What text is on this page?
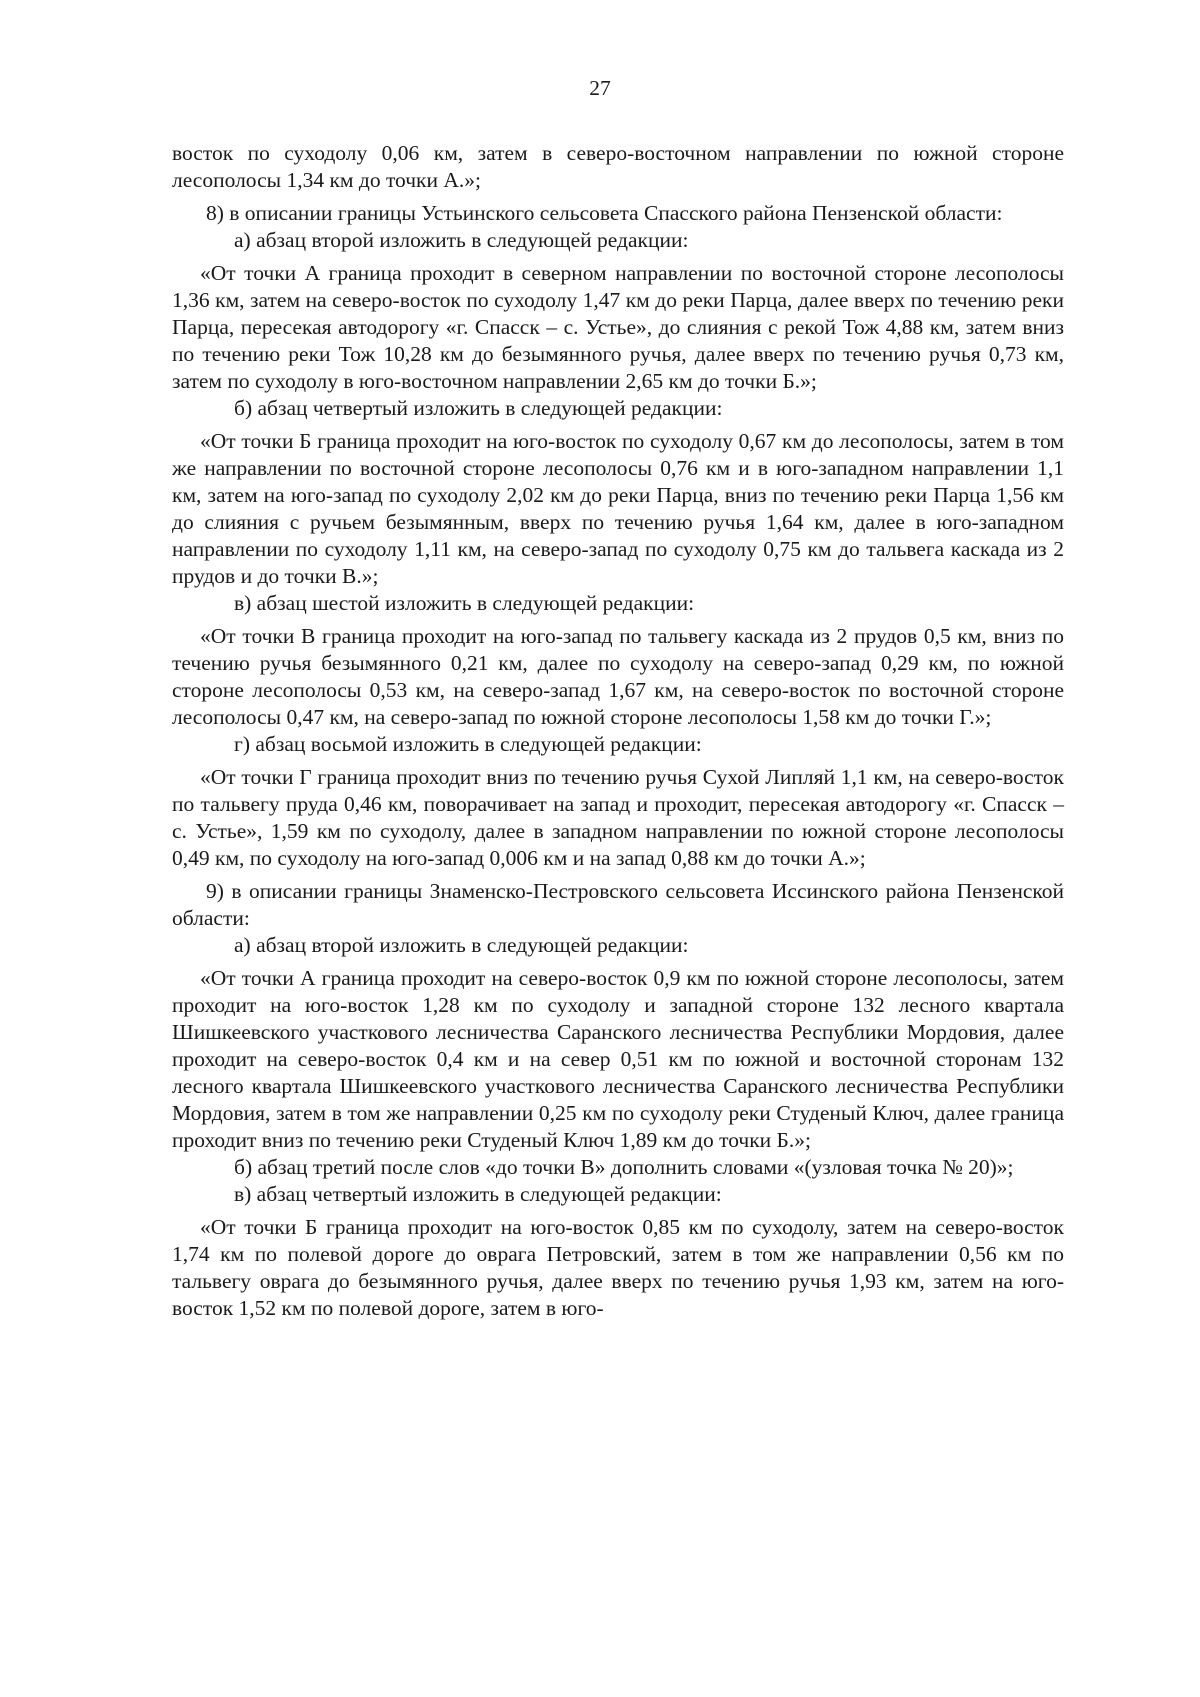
27

восток по суходолу 0,06 км, затем в северо-восточном направлении по южной стороне лесополосы 1,34 км до точки А.»;

8) в описании границы Устьинского сельсовета Спасского района Пензенской области:

а) абзац второй изложить в следующей редакции:

«От точки А граница проходит в северном направлении по восточной стороне лесополосы 1,36 км, затем на северо-восток по суходолу 1,47 км до реки Парца, далее вверх по течению реки Парца, пересекая автодорогу «г. Спасск – с. Устье», до слияния с рекой Тож 4,88 км, затем вниз по течению реки Тож 10,28 км до безымянного ручья, далее вверх по течению ручья 0,73 км, затем по суходолу в юго-восточном направлении 2,65 км до точки Б.»;

б) абзац четвертый изложить в следующей редакции:

«От точки Б граница проходит на юго-восток по суходолу 0,67 км до лесополосы, затем в том же направлении по восточной стороне лесополосы 0,76 км и в юго-западном направлении 1,1 км, затем на юго-запад по суходолу 2,02 км до реки Парца, вниз по течению реки Парца 1,56 км до слияния с ручьем безымянным, вверх по течению ручья 1,64 км, далее в юго-западном направлении по суходолу 1,11 км, на северо-запад по суходолу 0,75 км до тальвега каскада из 2 прудов и до точки В.»;

в) абзац шестой изложить в следующей редакции:

«От точки В граница проходит на юго-запад по тальвегу каскада из 2 прудов 0,5 км, вниз по течению ручья безымянного 0,21 км, далее по суходолу на северо-запад 0,29 км, по южной стороне лесополосы 0,53 км, на северо-запад 1,67 км, на северо-восток по восточной стороне лесополосы 0,47 км, на северо-запад по южной стороне лесополосы 1,58 км до точки Г.»;

г) абзац восьмой изложить в следующей редакции:

«От точки Г граница проходит вниз по течению ручья Сухой Липляй 1,1 км, на северо-восток по тальвегу пруда 0,46 км, поворачивает на запад и проходит, пересекая автодорогу «г. Спасск – с. Устье», 1,59 км по суходолу, далее в западном направлении по южной стороне лесополосы 0,49 км, по суходолу на юго-запад 0,006 км и на запад 0,88 км до точки А.»;

9) в описании границы Знаменско-Пестровского сельсовета Иссинского района Пензенской области:

а) абзац второй изложить в следующей редакции:

«От точки А граница проходит на северо-восток 0,9 км по южной стороне лесополосы, затем проходит на юго-восток 1,28 км по суходолу и западной стороне 132 лесного квартала Шишкеевского участкового лесничества Саранского лесничества Республики Мордовия, далее проходит на северо-восток 0,4 км и на север 0,51 км по южной и восточной сторонам 132 лесного квартала Шишкеевского участкового лесничества Саранского лесничества Республики Мордовия, затем в том же направлении 0,25 км по суходолу реки Студеный Ключ, далее граница проходит вниз по течению реки Студеный Ключ 1,89 км до точки Б.»;

б) абзац третий после слов «до точки В» дополнить словами «(узловая точка № 20)»;

в) абзац четвертый изложить в следующей редакции:

«От точки Б граница проходит на юго-восток 0,85 км по суходолу, затем на северо-восток 1,74 км по полевой дороге до оврага Петровский, затем в том же направлении 0,56 км по тальвегу оврага до безымянного ручья, далее вверх по течению ручья 1,93 км, затем на юго-восток 1,52 км по полевой дороге, затем в юго-
